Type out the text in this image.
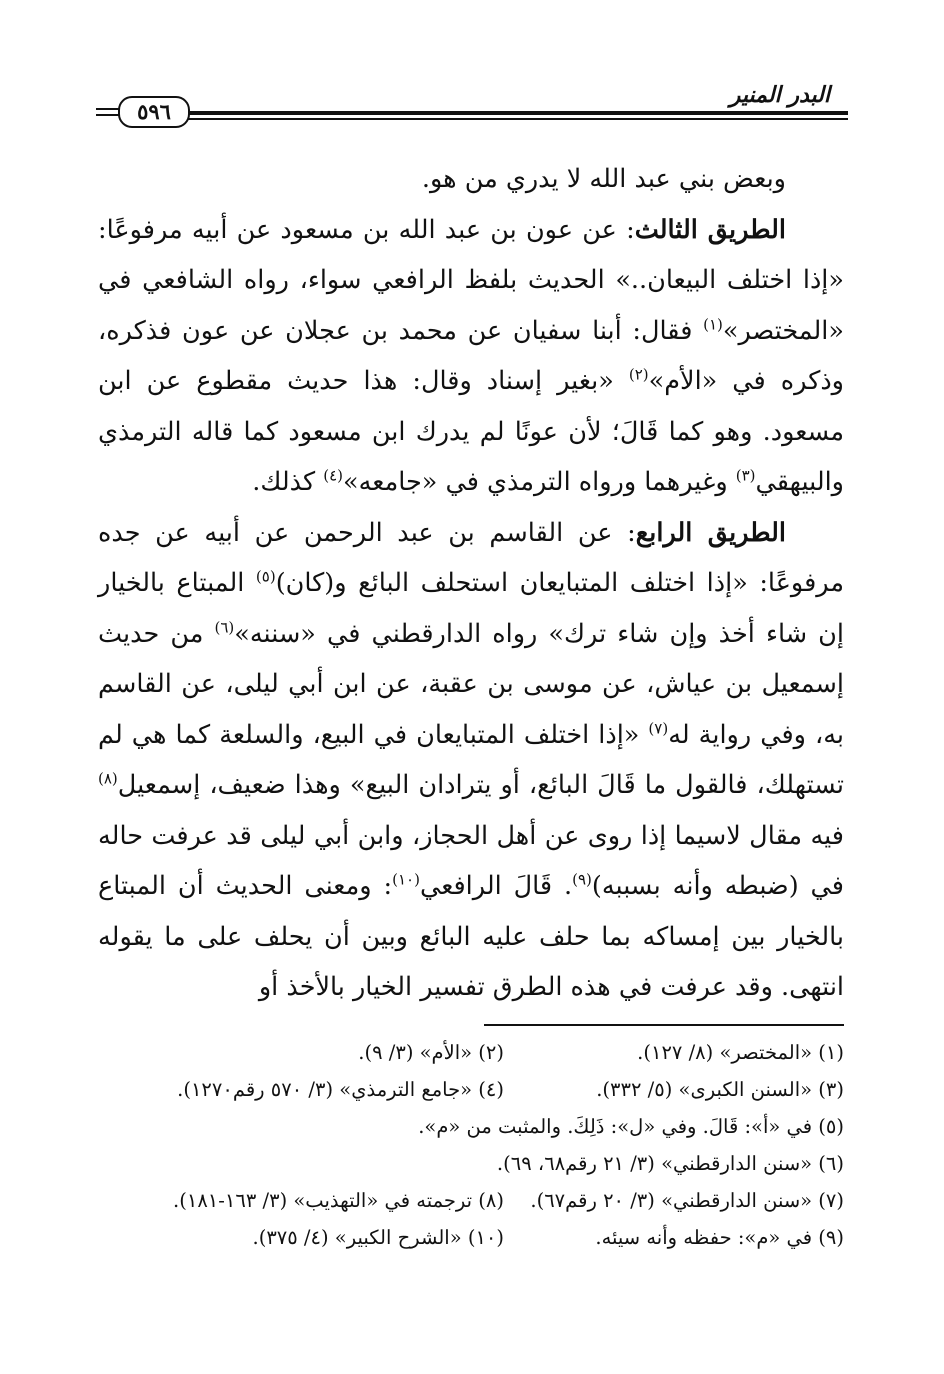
البدر المنير
٥٩٦

وبعض بني عبد الله لا يدري من هو.

الطريق الثالث: عن عون بن عبد الله بن مسعود عن أبيه مرفوعًا: «إذا اختلف البيعان..» الحديث بلفظ الرافعي سواء، رواه الشافعي في «المختصر»$^{(١)}$ فقال: أبنا سفيان عن محمد بن عجلان عن عون فذكره، وذكره في «الأم»$^{(٢)}$ «بغير إسناد وقال: هذا حديث مقطوع عن ابن مسعود. وهو كما قَالَ؛ لأن عونًا لم يدرك ابن مسعود كما قاله الترمذي والبيهقي$^{(٣)}$ وغيرهما ورواه الترمذي في «جامعه»$^{(٤)}$ كذلك.

الطريق الرابع: عن القاسم بن عبد الرحمن عن أبيه عن جده مرفوعًا: «إذا اختلف المتبايعان استحلف البائع و(كان)$^{(٥)}$ المبتاع بالخيار إن شاء أخذ وإن شاء ترك» رواه الدارقطني في «سننه»$^{(٦)}$ من حديث إسمعيل بن عياش، عن موسى بن عقبة، عن ابن أبي ليلى، عن القاسم به، وفي رواية له$^{(٧)}$ «إذا اختلف المتبايعان في البيع، والسلعة كما هي لم تستهلك، فالقول ما قَالَ البائع، أو يترادان البيع» وهذا ضعيف، إسمعيل$^{(٨)}$ فيه مقال لاسيما إذا روى عن أهل الحجاز، وابن أبي ليلى قد عرفت حاله في (ضبطه وأنه بسببه)$^{(٩)}$. قَالَ الرافعي$^{(١٠)}$: ومعنى الحديث أن المبتاع بالخيار بين إمساكه بما حلف عليه البائع وبين أن يحلف على ما يقوله انتهى. وقد عرفت في هذه الطرق تفسير الخيار بالأخذ أو

(١) «المختصر» (٨/ ١٢٧).
(٢) «الأم» (٣/ ٩).
(٣) «السنن الكبرى» (٥/ ٣٣٢).
(٤) «جامع الترمذي» (٣/ ٥٧٠ رقم١٢٧٠).
(٥) في «أ»: قَالَ. وفي «ل»: ذَلِكَ. والمثبت من «م».
(٦) «سنن الدارقطني» (٣/ ٢١ رقم٦٨، ٦٩).
(٧) «سنن الدارقطني» (٣/ ٢٠ رقم٦٧).
(٨) ترجمته في «التهذيب» (٣/ ١٦٣-١٨١).
(٩) في «م»: حفظه وأنه سيئه.
(١٠) «الشرح الكبير» (٤/ ٣٧٥).
